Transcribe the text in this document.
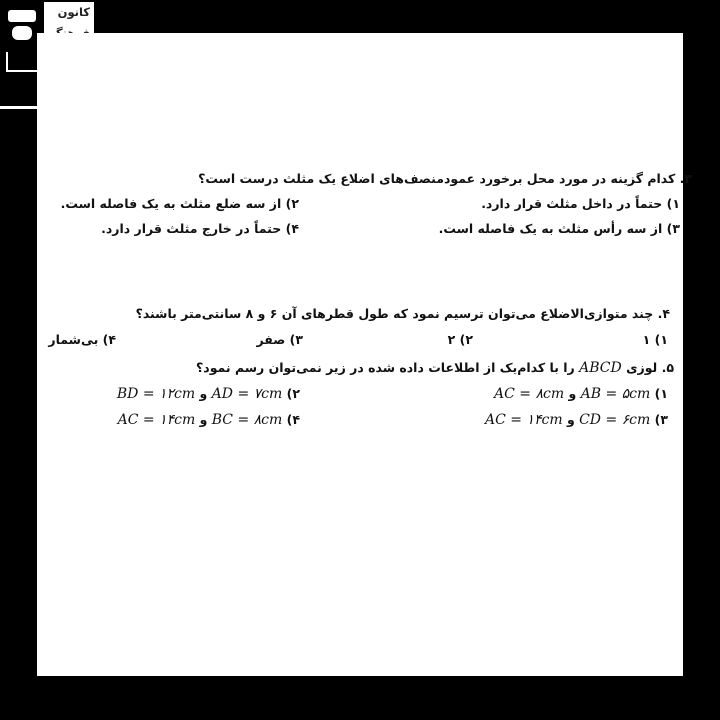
کانون
۳. کدام گزینه در مورد محل برخورد عمودمنصف‌های اضلاع یک مثلث درست است؟
۱) حتماً در داخل مثلث قرار دارد.
۲) از سه ضلع مثلث به یک فاصله است.
۳) از سه رأس مثلث به یک فاصله است.
۴) حتماً در خارج مثلث قرار دارد.
۴. چند متوازی‌الاضلاع می‌توان ترسیم نمود که طول قطرهای آن ۶ و ۸ سانتی‌متر باشند؟
۱) ۱
۲) ۲
۳) صفر
۴) بی‌شمار
۵. لوزی ABCD را با کدام‌یک از اطلاعات داده شده در زیر نمی‌توان رسم نمود؟
۱) AB = ۵cm و AC = ۸cm
۲) AD = ۷cm و BD = ۱۲cm
۳) CD = ۶cm و AC = ۱۴cm
۴) BC = ۸cm و AC = ۱۴cm
